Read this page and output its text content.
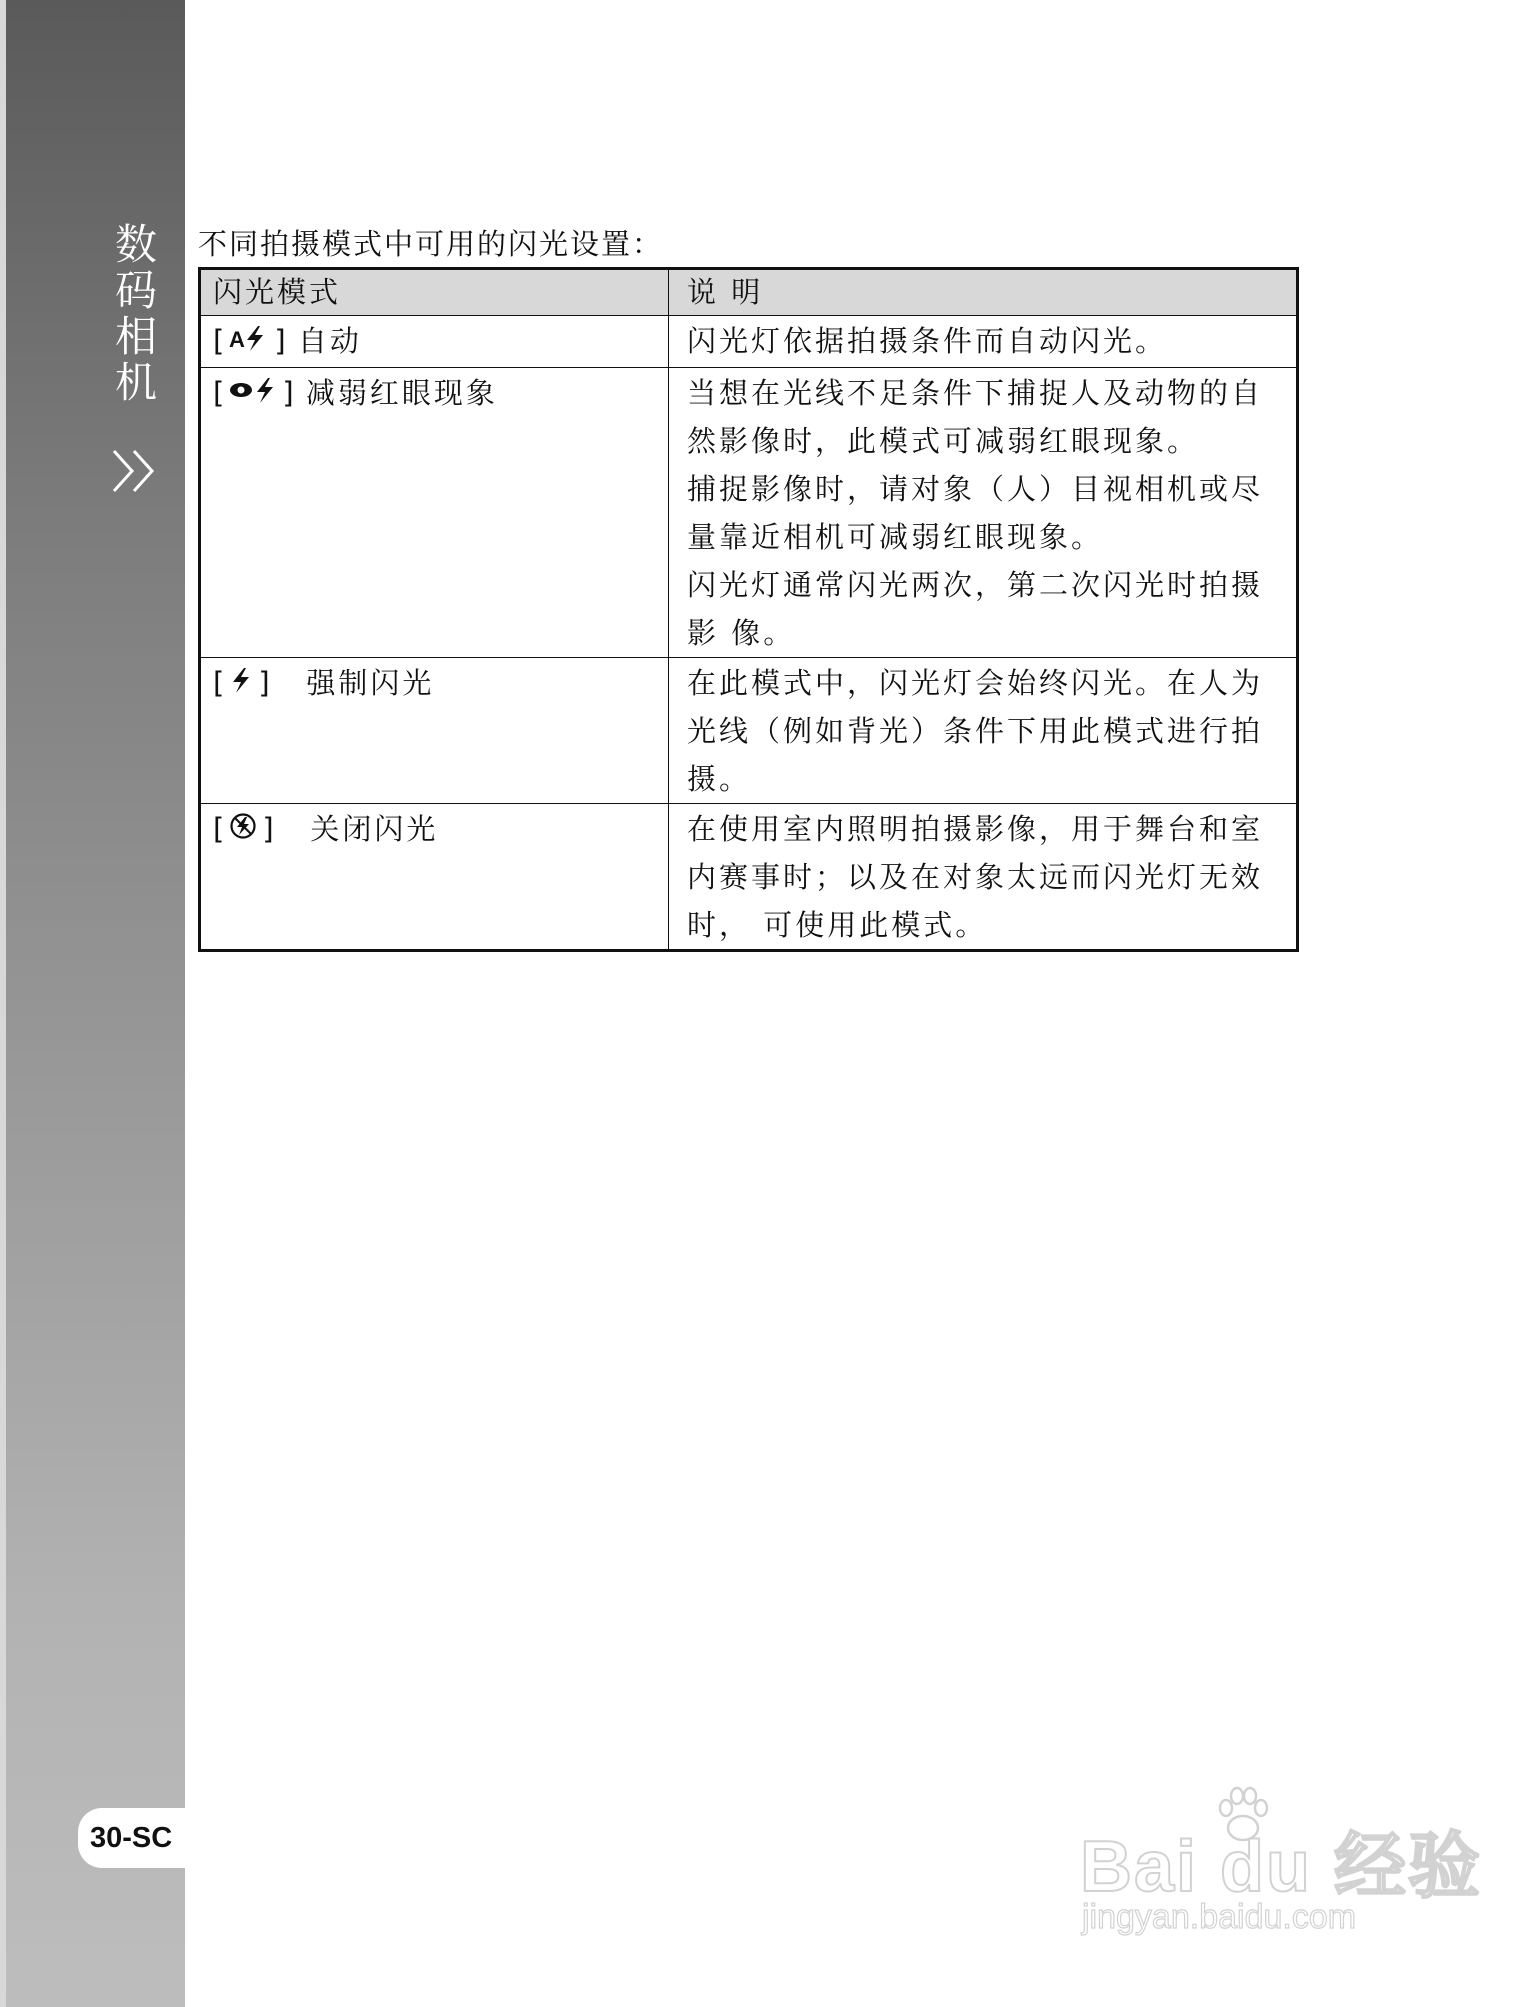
数码相机
30-SC
不同拍摄模式中可用的闪光设置：
闪光模式	说 明

[ A ] 自动	闪光灯依据拍摄条件而自动闪光。

[ ] 减弱红眼现象	当想在光线不足条件下捕捉人及动物的自然影像时，此模式可减弱红眼现象。
捕捉影像时，请对象（人）目视相机或尽量靠近相机可减弱红眼现象。
闪光灯通常闪光两次，第二次闪光时拍摄影 像。

[ ] 强制闪光	在此模式中，闪光灯会始终闪光。在人为光线（例如背光）条件下用此模式进行拍摄。

[ ] 关闭闪光	在使用室内照明拍摄影像，用于舞台和室内赛事时；以及在对象太远而闪光灯无效时， 可使用此模式。
Bai du 经验
jingyan.baidu.com
